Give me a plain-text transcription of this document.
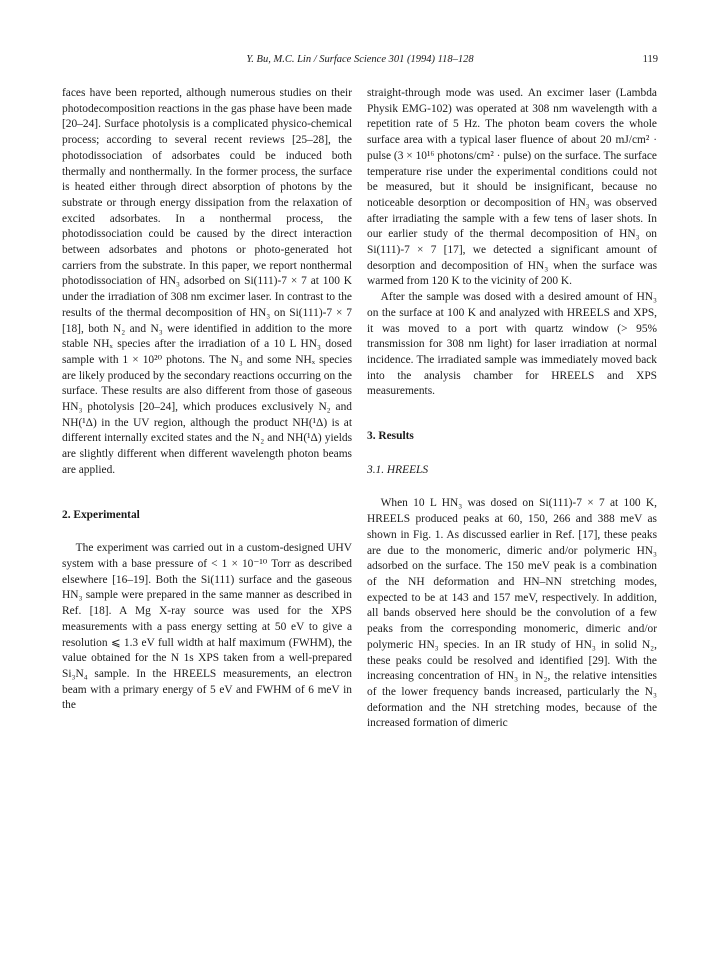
Y. Bu, M.C. Lin / Surface Science 301 (1994) 118–128	119

faces have been reported, although numerous studies on their photodecomposition reactions in the gas phase have been made [20–24]. Surface photolysis is a complicated physico-chemical process; according to several recent reviews [25–28], the photodissociation of adsorbates could be induced both thermally and nonthermally. In the former process, the surface is heated either through direct absorption of photons by the substrate or through energy dissipation from the relaxation of excited adsorbates. In a nonthermal process, the photodissociation could be caused by the direct interaction between adsorbates and photons or photo-generated hot carriers from the substrate. In this paper, we report nonthermal photodissociation of HN₃ adsorbed on Si(111)-7 × 7 at 100 K under the irradiation of 308 nm excimer laser. In contrast to the results of the thermal decomposition of HN₃ on Si(111)-7 × 7 [18], both N₂ and N₃ were identified in addition to the more stable NHₓ species after the irradiation of a 10 L HN₃ dosed sample with 1 × 10²⁰ photons. The N₃ and some NHₓ species are likely produced by the secondary reactions occurring on the surface. These results are also different from those of gaseous HN₃ photolysis [20–24], which produces exclusively N₂ and NH(¹Δ) in the UV region, although the product NH(¹Δ) is at different internally excited states and the N₂ and NH(¹Δ) yields are slightly different when different wavelength photon beams are applied.

2. Experimental

The experiment was carried out in a custom-designed UHV system with a base pressure of < 1 × 10⁻¹⁰ Torr as described elsewhere [16–19]. Both the Si(111) surface and the gaseous HN₃ sample were prepared in the same manner as described in Ref. [18]. A Mg X-ray source was used for the XPS measurements with a pass energy setting at 50 eV to give a resolution ⩽ 1.3 eV full width at half maximum (FWHM), the value obtained for the N 1s XPS taken from a well-prepared Si₃N₄ sample. In the HREELS measurements, an electron beam with a primary energy of 5 eV and FWHM of 6 meV in the

straight-through mode was used. An excimer laser (Lambda Physik EMG-102) was operated at 308 nm wavelength with a repetition rate of 5 Hz. The photon beam covers the whole surface area with a typical laser fluence of about 20 mJ/cm² · pulse (3 × 10¹⁶ photons/cm² · pulse) on the surface. The surface temperature rise under the experimental conditions could not be measured, but it should be insignificant, because no noticeable desorption or decomposition of HN₃ was observed after irradiating the sample with a few tens of laser shots. In our earlier study of the thermal decomposition of HN₃ on Si(111)-7 × 7 [17], we detected a significant amount of desorption and decomposition of HN₃ when the surface was warmed from 120 K to the vicinity of 200 K.

After the sample was dosed with a desired amount of HN₃ on the surface at 100 K and analyzed with HREELS and XPS, it was moved to a port with quartz window (> 95% transmission for 308 nm light) for laser irradiation at normal incidence. The irradiated sample was immediately moved back into the analysis chamber for HREELS and XPS measurements.

3. Results
3.1. HREELS

When 10 L HN₃ was dosed on Si(111)-7 × 7 at 100 K, HREELS produced peaks at 60, 150, 266 and 388 meV as shown in Fig. 1. As discussed earlier in Ref. [17], these peaks are due to the monomeric, dimeric and/or polymeric HN₃ adsorbed on the surface. The 150 meV peak is a combination of the NH deformation and HN–NN stretching modes, expected to be at 143 and 157 meV, respectively. In addition, all bands observed here should be the convolution of a few peaks from the corresponding monomeric, dimeric and/or polymeric HN₃ species. In an IR study of HN₃ in solid N₂, these peaks could be resolved and identified [29]. With the increasing concentration of HN₃ in N₂, the relative intensities of the lower frequency bands increased, particularly the N₃ deformation and the NH stretching modes, because of the increased formation of dimeric
